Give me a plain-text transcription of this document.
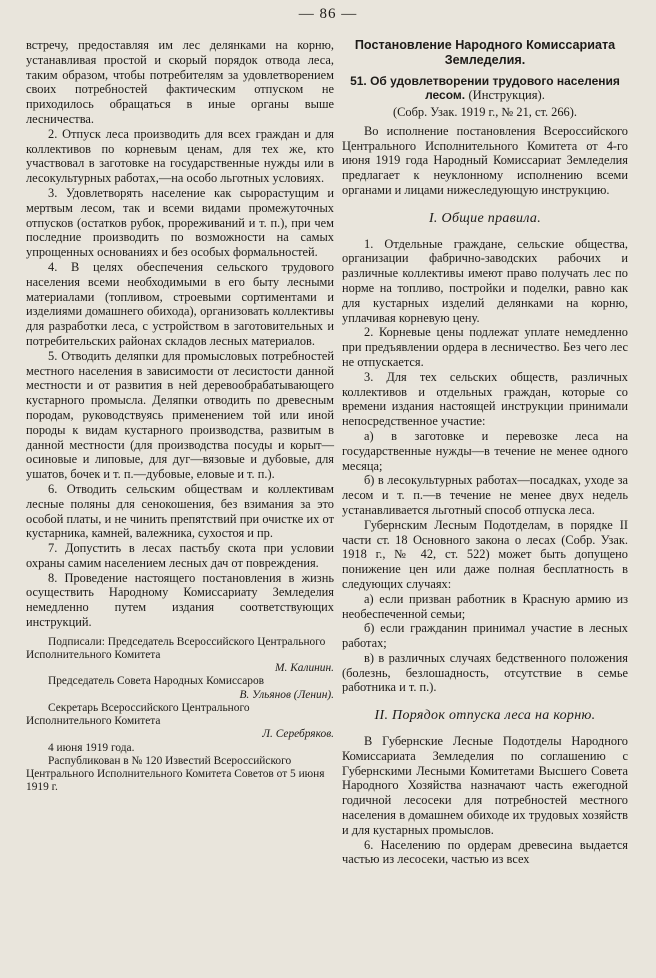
— 86 —

встречу, предоставляя им лес делянками на корню, устанавливая простой и скорый порядок отвода леса, таким образом, чтобы потребителям за удовлетворением своих потребностей фактическим отпуском не приходилось обращаться в иные органы выше лесничества.

2. Отпуск леса производить для всех граждан и для коллективов по корневым ценам, для тех же, кто участвовал в заготовке на государственные нужды или в лесокультурных работах,—на особо льготных условиях.

3. Удовлетворять население как сырорастущим и мертвым лесом, так и всеми видами промежуточных отпусков (остатков рубок, прореживаний и т. п.), при чем последние производить по возможности на самых упрощенных основаниях и без особых формальностей.

4. В целях обеспечения сельского трудового населения всеми необходимыми в его быту лесными материалами (топливом, строевыми сортиментами и изделиями домашнего обихода), организовать коллективы для разработки леса, с устройством в заготовительных и потребительских районах складов лесных материалов.

5. Отводить деляпки для промысловых потребностей местного населения в зависимости от лесистости данной местности и от развития в ней деревообрабатывающего кустарного промысла. Деляпки отводить по древесным породам, руководствуясь применением той или иной породы к видам кустарного производства, развитым в данной местности (для производства посуды и корыт—осиновые и липовые, для дуг—вязовые и дубовые, для ушатов, бочек и т. п.—дубовые, еловые и т. п.).

6. Отводить сельским обществам и коллективам лесные поляны для сенокошения, без взимания за это особой платы, и не чинить препятствий при очистке их от кустарника, камней, валежника, сухостоя и пр.

7. Допустить в лесах пастьбу скота при условии охраны самим населением лесных дач от повреждения.

8. Проведение настоящего постановления в жизнь осуществить Народному Комиссариату Земледелия немедленно путем издания соответствующих инструкций.

Подписали: Председатель Всероссийского Центрального Исполнительного Комитета

М. Калинин.

Председатель Совета Народных Комиссаров

В. Ульянов (Ленин).

Секретарь Всероссийского Центрального Исполнительного Комитета

Л. Серебряков.

4 июня 1919 года.

Распубликован в № 120 Известий Всероссийского Центрального Исполнительного Комитета Советов от 5 июня 1919 г.

Постановление Народного Комиссариата Земледелия.
51. Об удовлетворении трудового населения лесом. (Инструкция).

(Собр. Узак. 1919 г., № 21, ст. 266).

Во исполнение постановления Всероссийского Центрального Исполнительного Комитета от 4-го июня 1919 года Народный Комиссариат Земледелия предлагает к неуклонному исполнению всеми органами и лицами нижеследующую инструкцию.

I. Общие правила.

1. Отдельные граждане, сельские общества, организации фабрично-заводских рабочих и различные коллективы имеют право получать лес по норме на топливо, постройки и поделки, равно как для кустарных изделий делянками на корню, уплачивая корневую цену.

2. Корневые цены подлежат уплате немедленно при предъявлении ордера в лесничество. Без чего лес не отпускается.

3. Для тех сельских обществ, различных коллективов и отдельных граждан, которые со времени издания настоящей инструкции принимали непосредственное участие:

а) в заготовке и перевозке леса на государственные нужды—в течение не менее одного месяца;

б) в лесокультурных работах—посадках, уходе за лесом и т. п.—в течение не менее двух недель устанавливается льготный способ отпуска леса.

Губернским Лесным Подотделам, в порядке II части ст. 18 Основного закона о лесах (Собр. Узак. 1918 г., № 42, ст. 522) может быть допущено понижение цен или даже полная бесплатность в следующих случаях:

а) если призван работник в Красную армию из необеспеченной семьи;

б) если гражданин принимал участие в лесных работах;

в) в различных случаях бедственного положения (болезнь, безлошадность, отсутствие в семье работника и т. п.).

II. Порядок отпуска леса на корню.

В Губернские Лесные Подотделы Народного Комиссариата Земледелия по соглашению с Губернскими Лесными Комитетами Высшего Совета Народного Хозяйства назначают часть ежегодной годичной лесосеки для потребностей местного населения в домашнем обиходе их трудовых хозяйств и для кустарных промыслов.

6. Населению по ордерам древесина выдается частью из лесосеки, частью из всех
